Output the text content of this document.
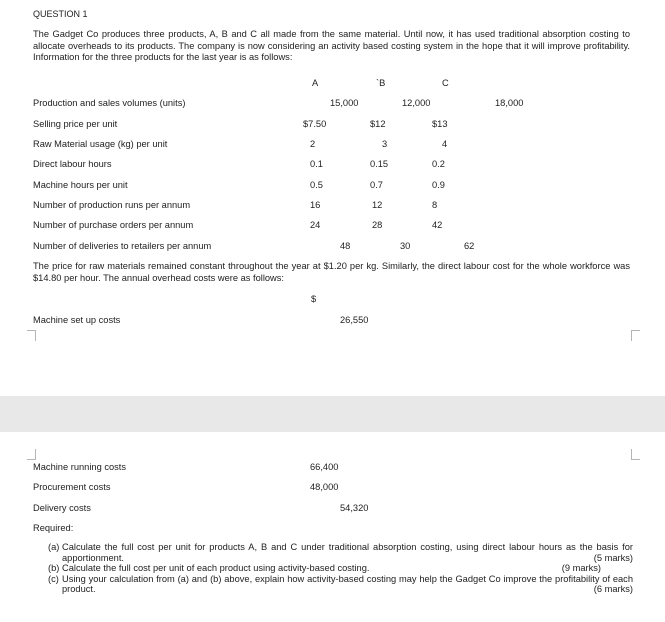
QUESTION 1
The Gadget Co produces three products, A, B and C all made from the same material. Until now, it has used traditional absorption costing to allocate overheads to its products. The company is now considering an activity based costing system in the hope that it will improve profitability. Information for the three products for the last year is as follows:
A	`B	C
Production and sales volumes (units)	15,000	12,000	18,000
Selling price per unit	$7.50	$12	$13
Raw Material usage (kg) per unit	2	3	4
Direct labour hours	0.1	0.15	0.2
Machine hours per unit	0.5	0.7	0.9
Number of production runs per annum	16	12	8
Number of purchase orders per annum	24	28	42
Number of deliveries to retailers per annum	48	30	62
The price for raw materials remained constant throughout the year at $1.20 per kg. Similarly, the direct labour cost for the whole workforce was $14.80 per hour. The annual overhead costs were as follows:
$
Machine set up costs	26,550
Machine running costs	66,400
Procurement costs	48,000
Delivery costs	54,320
Required:
(a) Calculate the full cost per unit for products A, B and C under traditional absorption costing, using direct labour hours as the basis for apportionment.	(5 marks)
(b) Calculate the full cost per unit of each product using activity-based costing.	(9 marks)
(c) Using your calculation from (a) and (b) above, explain how activity-based costing may help the Gadget Co improve the profitability of each product.	(6 marks)
